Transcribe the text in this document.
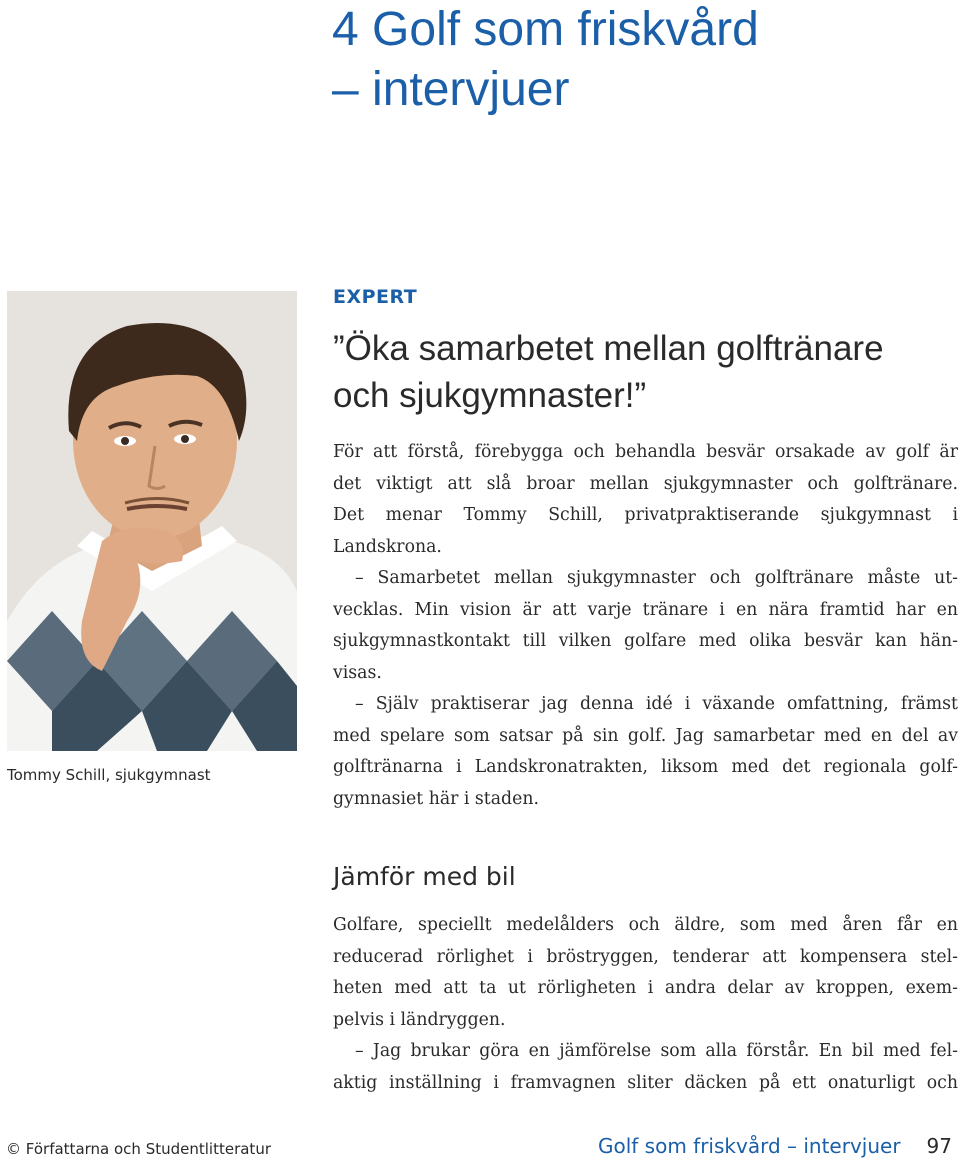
4 Golf som friskvård
– intervjuer
Tommy Schill, sjukgymnast
EXPERT
”Öka samarbetet mellan golftränare
och sjukgymnaster!”
För att förstå, förebygga och behandla besvär orsakade av golf är
det viktigt att slå broar mellan sjukgymnaster och golftränare.
Det menar Tommy Schill, privatpraktiserande sjukgymnast i
Landskrona.
– Samarbetet mellan sjukgymnaster och golftränare måste ut-
vecklas. Min vision är att varje tränare i en nära framtid har en
sjukgymnastkontakt till vilken golfare med olika besvär kan hän-
visas.
– Själv praktiserar jag denna idé i växande omfattning, främst
med spelare som satsar på sin golf. Jag samarbetar med en del av
golftränarna i Landskronatrakten, liksom med det regionala golf-
gymnasiet här i staden.
Jämför med bil
Golfare, speciellt medelålders och äldre, som med åren får en
reducerad rörlighet i bröstryggen, tenderar att kompensera stel-
heten med att ta ut rörligheten i andra delar av kroppen, exem-
pelvis i ländryggen.
– Jag brukar göra en jämförelse som alla förstår. En bil med fel-
aktig inställning i framvagnen sliter däcken på ett onaturligt och
© Författarna och Studentlitteratur	Golf som friskvård – intervjuer 97
